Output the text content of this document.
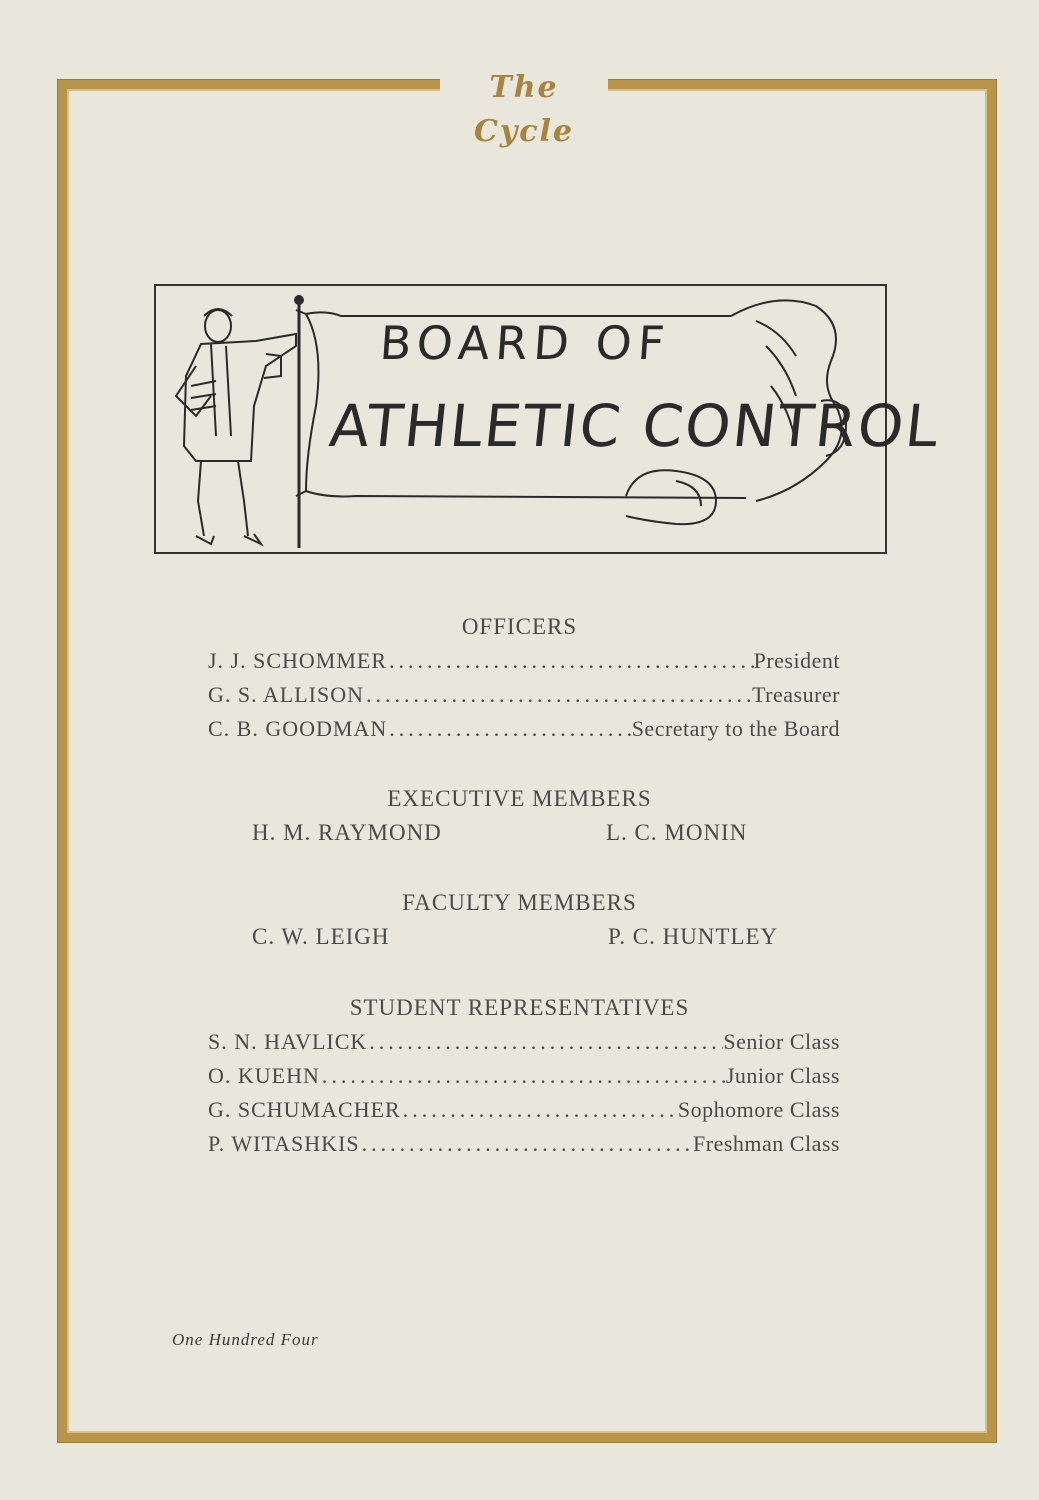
The Cycle
BOARD OF
ATHLETIC CONTROL
OFFICERS
J. J. SCHOMMER .....	President
G. S. ALLISON .....	Treasurer
C. B. GOODMAN .....	Secretary to the Board
EXECUTIVE MEMBERS
H. M. RAYMOND	L. C. MONIN
FACULTY MEMBERS
C. W. LEIGH	P. C. HUNTLEY
STUDENT REPRESENTATIVES
S. N. HAVLICK .....	Senior Class
O. KUEHN .....	Junior Class
G. SCHUMACHER .....	Sophomore Class
P. WITASHKIS .....	Freshman Class
One Hundred Four
